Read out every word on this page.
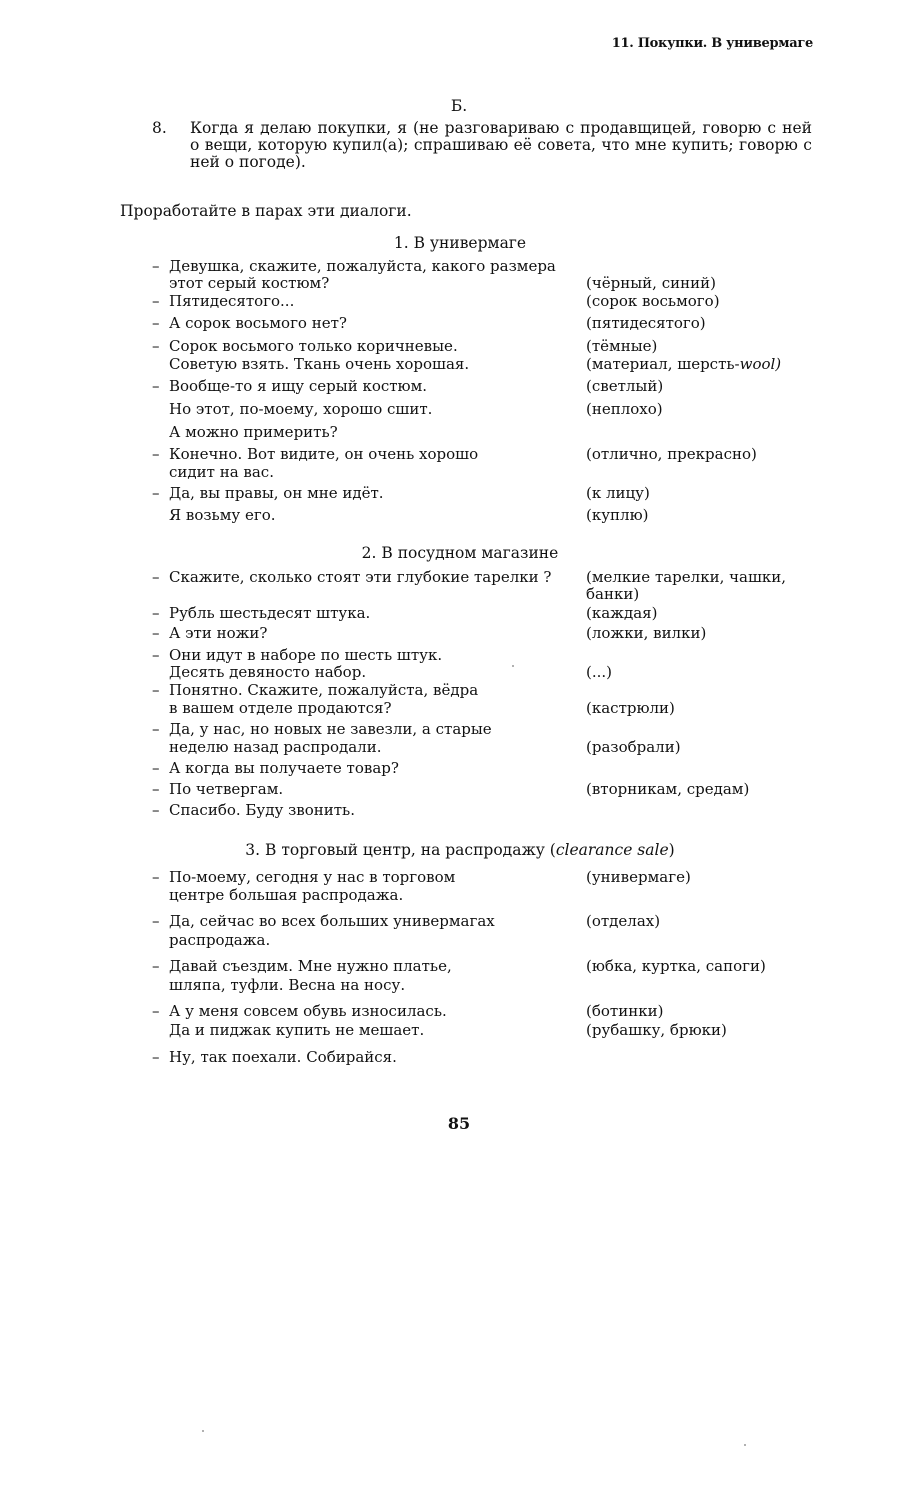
11. Покупки. В универмаге
Б.
8. Когда я делаю покупки, я (не разговариваю с продавщицей, говорю с ней о вещи, которую купил(а); спрашиваю её совета, что мне купить; говорю с ней о погоде).
Проработайте в парах эти диалоги.
1. В универмаге
– Девушка, скажите, пожалуйста, какого размера
этот серый костюм?
– Пятидесятого...
– А сорок восьмого нет?
– Сорок восьмого только коричневые.
Советую взять. Ткань очень хорошая.
– Вообще-то я ищу серый костюм.
Но этот, по-моему, хорошо сшит.
А можно примерить?
– Конечно. Вот видите, он очень хорошо
сидит на вас.
– Да, вы правы, он мне идёт.
Я возьму его.
(чёрный, синий)
(сорок восьмого)
(пятидесятого)
(тёмные)
(материал, шерсть-wool)
(светлый)
(неплохо)
(отлично, прекрасно)
(к лицу)
(куплю)
2. В посудном магазине
– Скажите, сколько стоят эти глубокие тарелки ?
– Рубль шестьдесят штука.
– А эти ножи?
– Они идут в наборе по шесть штук.
Десять девяносто набор.
– Понятно. Скажите, пожалуйста, вёдра
в вашем отделе продаются?
– Да, у нас, но новых не завезли, а старые
неделю назад распродали.
– А когда вы получаете товар?
– По четвергам.
– Спасибо. Буду звонить.
(мелкие тарелки, чашки,
банки)
(каждая)
(ложки, вилки)
(...)
(кастрюли)
(разобрали)
(вторникам, средам)
3. В торговый центр, на распродажу (clearance sale)
– По-моему, сегодня у нас в торговом
центре большая распродажа.
– Да, сейчас во всех больших универмагах
распродажа.
– Давай съездим. Мне нужно платье,
шляпа, туфли. Весна на носу.
– А у меня совсем обувь износилась.
Да и пиджак купить не мешает.
– Ну, так поехали. Собирайся.
(универмаге)
(отделах)
(юбка, куртка, сапоги)
(ботинки)
(рубашку, брюки)
85
